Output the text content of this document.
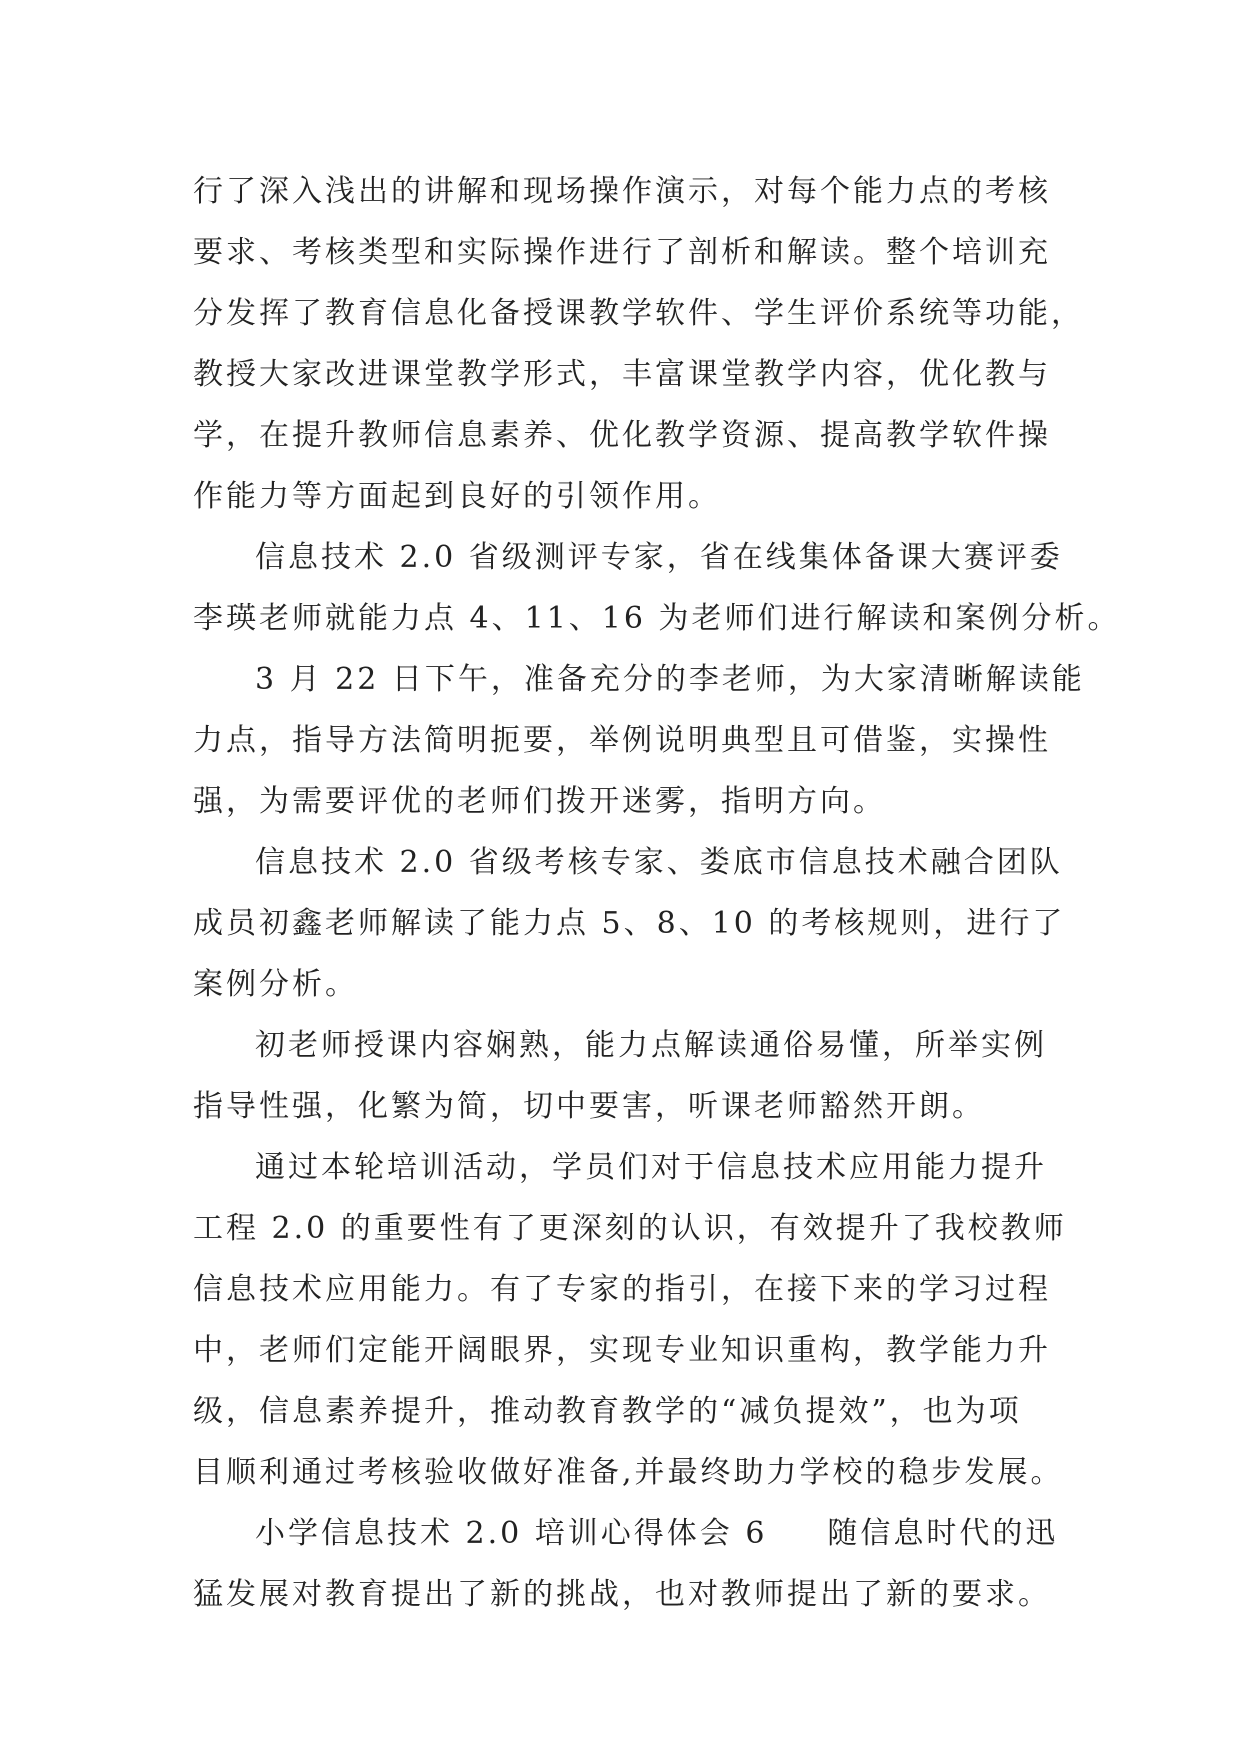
行了深入浅出的讲解和现场操作演示，对每个能力点的考核
要求、考核类型和实际操作进行了剖析和解读。整个培训充
分发挥了教育信息化备授课教学软件、学生评价系统等功能，
教授大家改进课堂教学形式，丰富课堂教学内容，优化教与
学，在提升教师信息素养、优化教学资源、提高教学软件操
作能力等方面起到良好的引领作用。
信息技术 2.0 省级测评专家，省在线集体备课大赛评委
李瑛老师就能力点 4、11、16 为老师们进行解读和案例分析。
3 月 22 日下午，准备充分的李老师，为大家清晰解读能
力点，指导方法简明扼要，举例说明典型且可借鉴，实操性
强，为需要评优的老师们拨开迷雾，指明方向。
信息技术 2.0 省级考核专家、娄底市信息技术融合团队
成员初鑫老师解读了能力点 5、8、10 的考核规则，进行了
案例分析。
初老师授课内容娴熟，能力点解读通俗易懂，所举实例
指导性强，化繁为简，切中要害，听课老师豁然开朗。
通过本轮培训活动，学员们对于信息技术应用能力提升
工程 2.0 的重要性有了更深刻的认识，有效提升了我校教师
信息技术应用能力。有了专家的指引，在接下来的学习过程
中，老师们定能开阔眼界，实现专业知识重构，教学能力升
级，信息素养提升，推动教育教学的“减负提效”，也为项
目顺利通过考核验收做好准备,并最终助力学校的稳步发展。
小学信息技术 2.0 培训心得体会 6 随信息时代的迅
猛发展对教育提出了新的挑战，也对教师提出了新的要求。
